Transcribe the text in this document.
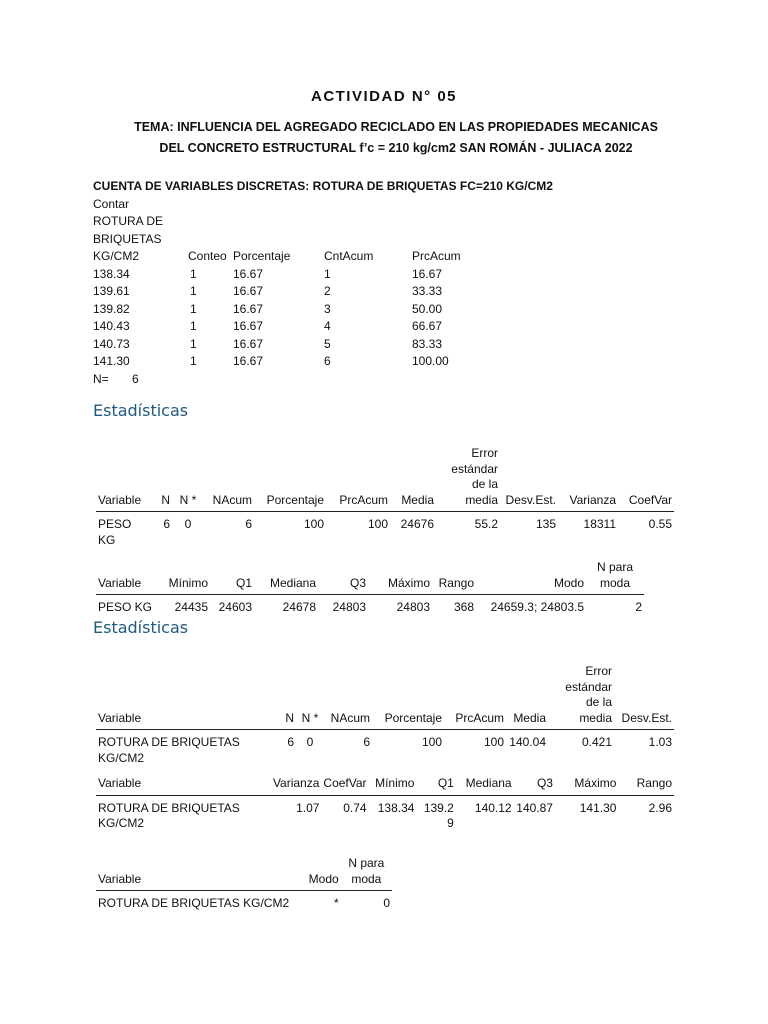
ACTIVIDAD N° 05
TEMA: INFLUENCIA DEL AGREGADO RECICLADO EN LAS PROPIEDADES MECANICAS
DEL CONCRETO ESTRUCTURAL f’c = 210 kg/cm2 SAN ROMÁN - JULIACA 2022
CUENTA DE VARIABLES DISCRETAS: ROTURA DE BRIQUETAS FC=210 KG/CM2
Contar
ROTURA DE
BRIQUETAS
KG/CM2	Conteo	Porcentaje	CntAcum	PrcAcum
138.34	1	16.67	1	16.67
139.61	1	16.67	2	33.33
139.82	1	16.67	3	50.00
140.43	1	16.67	4	66.67
140.73	1	16.67	5	83.33
141.30	1	16.67	6	100.00
N= 6
Estadísticas
Variable	N	N *	NAcum	Porcentaje	PrcAcum	Media	Error estándar de la media	Desv.Est.	Varianza	CoefVar
PESO KG	6	0	6	100	100	24676	55.2	135	18311	0.55
Variable	Mínimo	Q1	Mediana	Q3	Máximo	Rango	Modo	N para moda
PESO KG	24435	24603	24678	24803	24803	368	24659.3; 24803.5	2
Estadísticas
Variable	N	N *	NAcum	Porcentaje	PrcAcum	Media	Error estándar de la media	Desv.Est.
ROTURA DE BRIQUETAS KG/CM2	6	0	6	100	100	140.04	0.421	1.03
Variable	Varianza	CoefVar	Mínimo	Q1	Mediana	Q3	Máximo	Rango
ROTURA DE BRIQUETAS KG/CM2	1.07	0.74	138.34	139.29	140.12	140.87	141.30	2.96
Variable	Modo	N para moda
ROTURA DE BRIQUETAS KG/CM2	*	0
